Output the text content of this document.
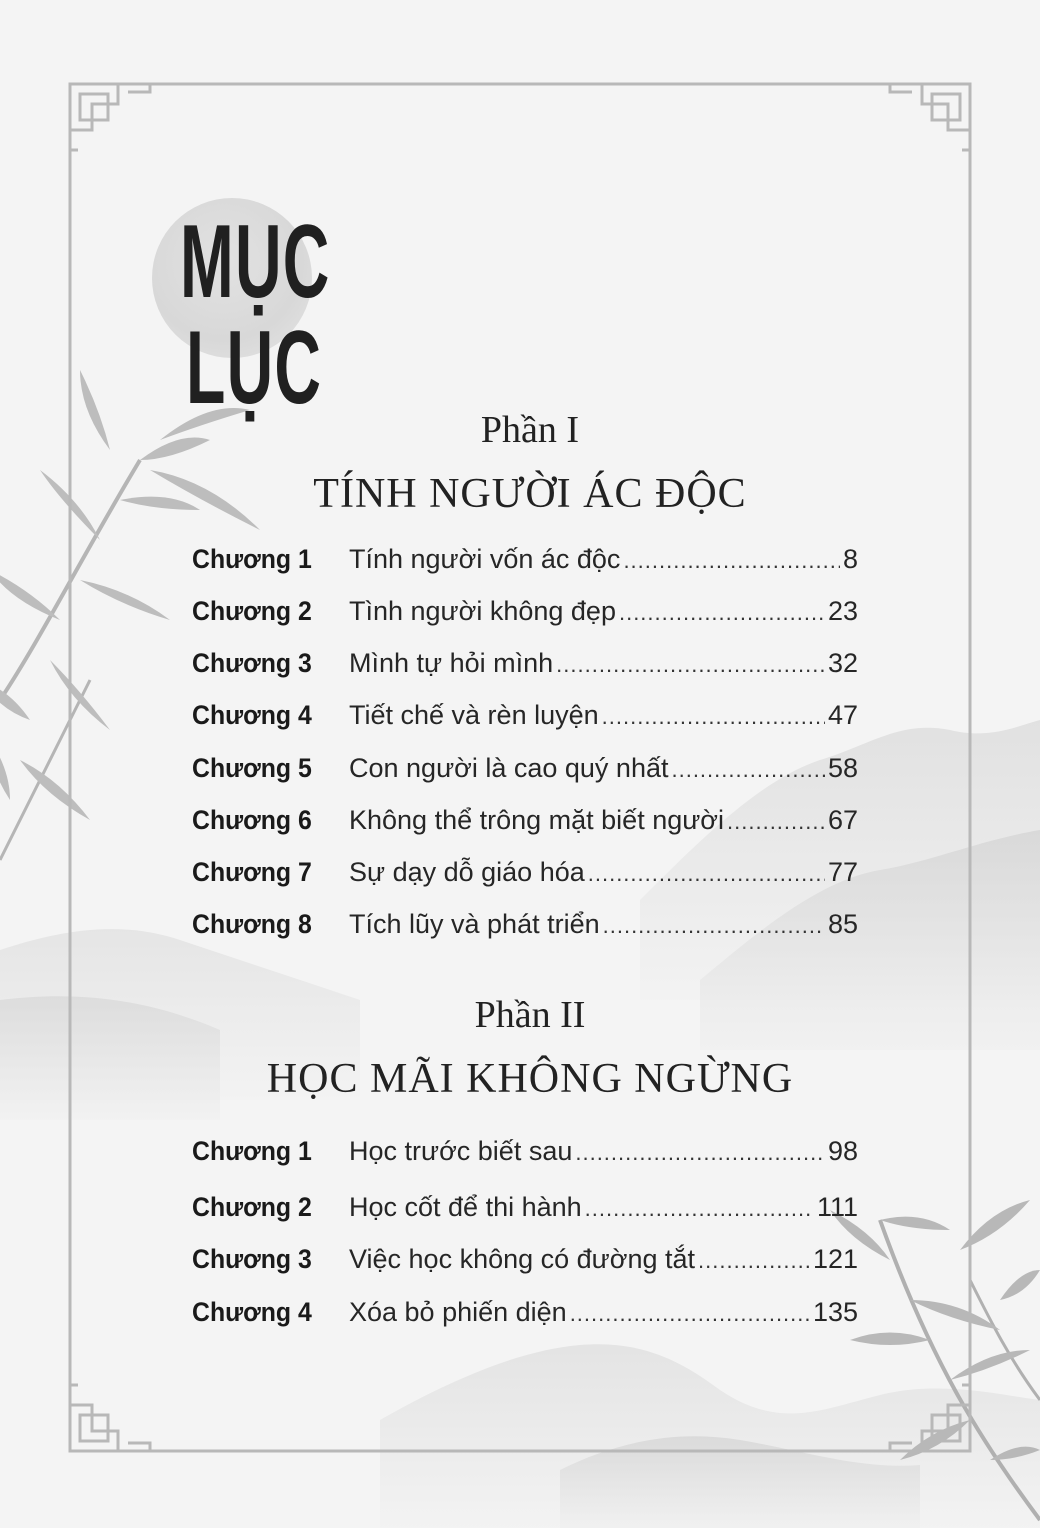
MỤC
LỤC
Phần I
TÍNH NGƯỜI ÁC ĐỘC
Chương 1	Tính người vốn ác độc .....	8
Chương 2	Tình người không đẹp .....	23
Chương 3	Mình tự hỏi mình .....	32
Chương 4	Tiết chế và rèn luyện .....	47
Chương 5	Con người là cao quý nhất .....	58
Chương 6	Không thể trông mặt biết người .....	67
Chương 7	Sự dạy dỗ giáo hóa .....	77
Chương 8	Tích lũy và phát triển .....	85
Phần II
HỌC MÃI KHÔNG NGỪNG
Chương 1	Học trước biết sau .....	98
Chương 2	Học cốt để thi hành .....	111
Chương 3	Việc học không có đường tắt .....	121
Chương 4	Xóa bỏ phiến diện .....	135
